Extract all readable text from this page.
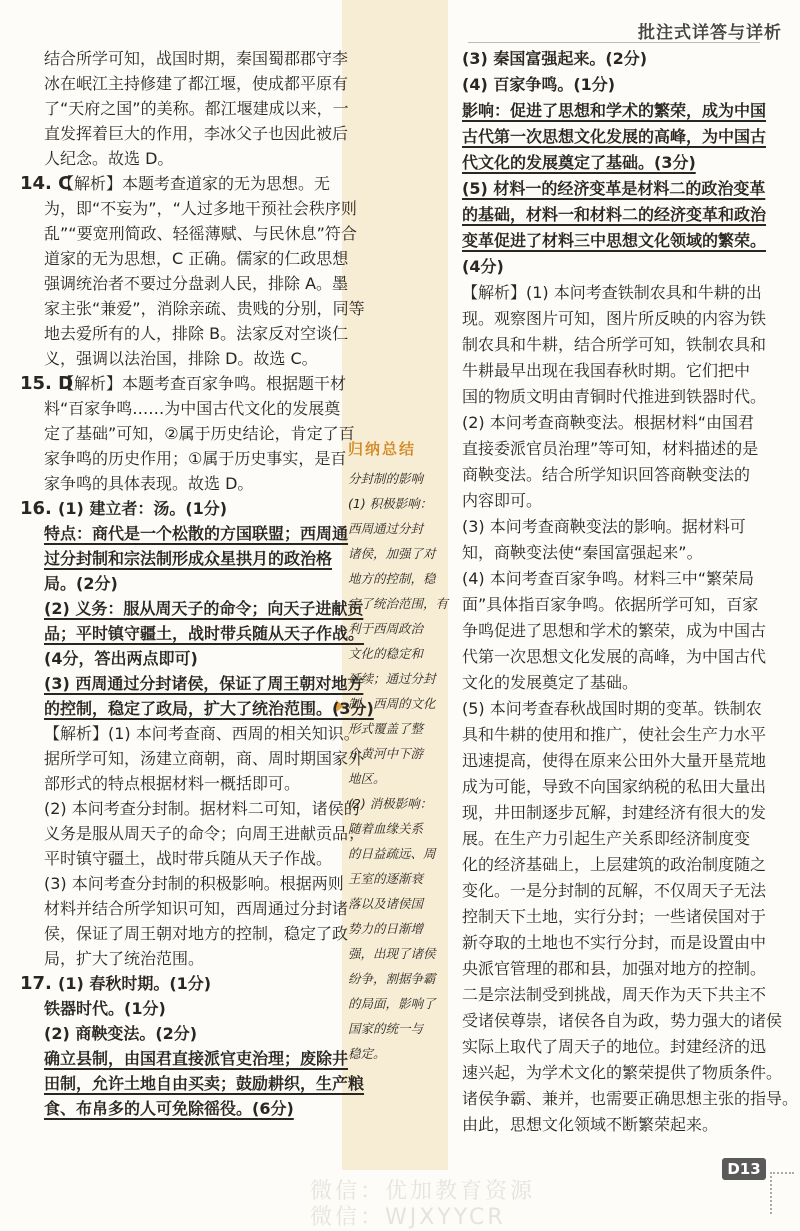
批注式详答与详析
归纳总结
分封制的影响
(1) 积极影响：
西周通过分封
诸侯，加强了对
地方的控制，稳
定了统治范围，有
利于西周政治
文化的稳定和
延续；通过分封
制，西周的文化
形式覆盖了整
个黄河中下游
地区。
(2) 消极影响：
随着血缘关系
的日益疏远、周
王室的逐渐衰
落以及诸侯国
势力的日渐增
强，出现了诸侯
纷争，割据争霸
的局面，影响了
国家的统一与
稳定。
结合所学可知，战国时期，秦国蜀郡郡守李
冰在岷江主持修建了都江堰，使成都平原有
了“天府之国”的美称。都江堰建成以来，一
直发挥着巨大的作用，李冰父子也因此被后
人纪念。故选 D。
14. C【解析】本题考查道家的无为思想。无
为，即“不妄为”，“人过多地干预社会秩序则
乱”“要宽刑简政、轻徭薄赋、与民休息”符合
道家的无为思想，C 正确。儒家的仁政思想
强调统治者不要过分盘剥人民，排除 A。墨
家主张“兼爱”，消除亲疏、贵贱的分别，同等
地去爱所有的人，排除 B。法家反对空谈仁
义，强调以法治国，排除 D。故选 C。
15. D【解析】本题考查百家争鸣。根据题干材
料“百家争鸣……为中国古代文化的发展奠
定了基础”可知，②属于历史结论，肯定了百
家争鸣的历史作用；①属于历史事实，是百
家争鸣的具体表现。故选 D。
16. (1) 建立者：汤。(1分)
特点：商代是一个松散的方国联盟；西周通
过分封制和宗法制形成众星拱月的政治格
局。(2分)
(2) 义务：服从周天子的命令；向天子进献贡
品；平时镇守疆土，战时带兵随从天子作战。
(4分，答出两点即可)
(3) 西周通过分封诸侯，保证了周王朝对地方
的控制，稳定了政局，扩大了统治范围。(3分)
【解析】(1) 本问考查商、西周的相关知识。
据所学可知，汤建立商朝，商、周时期国家外
部形式的特点根据材料一概括即可。
(2) 本问考查分封制。据材料二可知，诸侯的
义务是服从周天子的命令；向周王进献贡品；
平时镇守疆土，战时带兵随从天子作战。
(3) 本问考查分封制的积极影响。根据两则
材料并结合所学知识可知，西周通过分封诸
侯，保证了周王朝对地方的控制，稳定了政
局，扩大了统治范围。
17. (1) 春秋时期。(1分)
铁器时代。(1分)
(2) 商鞅变法。(2分)
确立县制，由国君直接派官吏治理；废除井
田制，允许土地自由买卖；鼓励耕织，生产粮
食、布帛多的人可免除徭役。(6分)
(3) 秦国富强起来。(2分)
(4) 百家争鸣。(1分)
影响：促进了思想和学术的繁荣，成为中国
古代第一次思想文化发展的高峰，为中国古
代文化的发展奠定了基础。(3分)
(5) 材料一的经济变革是材料二的政治变革
的基础，材料一和材料二的经济变革和政治
变革促进了材料三中思想文化领域的繁荣。
(4分)
【解析】(1) 本问考查铁制农具和牛耕的出
现。观察图片可知，图片所反映的内容为铁
制农具和牛耕，结合所学可知，铁制农具和
牛耕最早出现在我国春秋时期。它们把中
国的物质文明由青铜时代推进到铁器时代。
(2) 本问考查商鞅变法。根据材料“由国君
直接委派官员治理”等可知，材料描述的是
商鞅变法。结合所学知识回答商鞅变法的
内容即可。
(3) 本问考查商鞅变法的影响。据材料可
知，商鞅变法使“秦国富强起来”。
(4) 本问考查百家争鸣。材料三中“繁荣局
面”具体指百家争鸣。依据所学可知，百家
争鸣促进了思想和学术的繁荣，成为中国古
代第一次思想文化发展的高峰，为中国古代
文化的发展奠定了基础。
(5) 本问考查春秋战国时期的变革。铁制农
具和牛耕的使用和推广，使社会生产力水平
迅速提高，使得在原来公田外大量开垦荒地
成为可能，导致不向国家纳税的私田大量出
现，井田制逐步瓦解，封建经济有很大的发
展。在生产力引起生产关系即经济制度变
化的经济基础上，上层建筑的政治制度随之
变化。一是分封制的瓦解，不仅周天子无法
控制天下土地，实行分封；一些诸侯国对于
新夺取的土地也不实行分封，而是设置由中
央派官管理的郡和县，加强对地方的控制。
二是宗法制受到挑战，周天作为天下共主不
受诸侯尊崇，诸侯各自为政，势力强大的诸侯
实际上取代了周天子的地位。封建经济的迅
速兴起，为学术文化的繁荣提供了物质条件。
诸侯争霸、兼并，也需要正确思想主张的指导。
由此，思想文化领域不断繁荣起来。
D13
微信：优加教育资源
微信：WJXYYCR
